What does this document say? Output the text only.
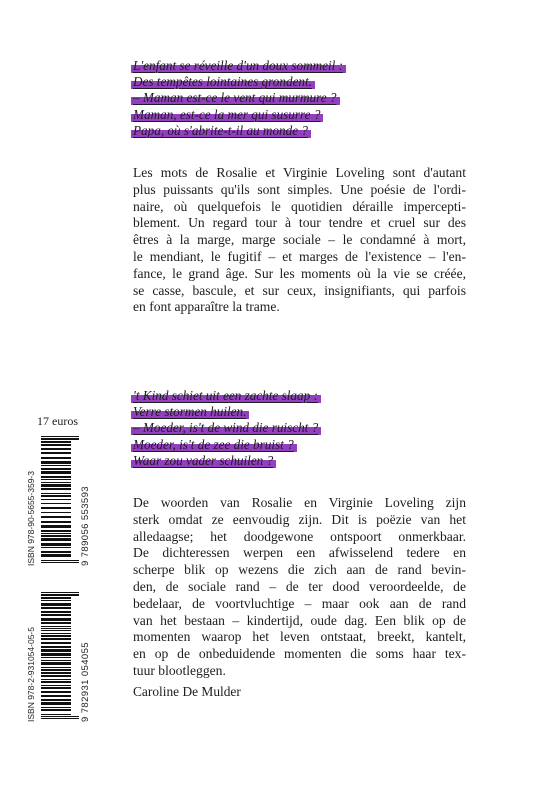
L'enfant se réveille d'un doux sommeil :
Des tempêtes lointaines grondent.
– Maman est-ce le vent qui murmure ?
Maman, est-ce la mer qui susurre ?
Papa, où s'abrite-t-il au monde ?
Les mots de Rosalie et Virginie Loveling sont d'autant
plus puissants qu'ils sont simples. Une poésie de l'ordi-
naire, où quelquefois le quotidien déraille impercepti-
blement. Un regard tour à tour tendre et cruel sur des
êtres à la marge, marge sociale – le condamné à mort,
le mendiant, le fugitif – et marges de l'existence – l'en-
fance, le grand âge. Sur les moments où la vie se créée,
se casse, bascule, et sur ceux, insignifiants, qui parfois
en font apparaître la trame.
't Kind schiet uit een zachte slaap :
Verre stormen huilen.
– Moeder, is't de wind die ruischt ?
Moeder, is't de zee die bruist ?
Waar zou vader schuilen ?
De woorden van Rosalie en Virginie Loveling zijn
sterk omdat ze eenvoudig zijn. Dit is poëzie van het
alledaagse; het doodgewone ontspoort onmerkbaar.
De dichteressen werpen een afwisselend tedere en
scherpe blik op wezens die zich aan de rand bevin-
den, de sociale rand – de ter dood veroordeelde, de
bedelaar, de voortvluchtige – maar ook aan de rand
van het bestaan – kindertijd, oude dag. Een blik op de
momenten waarop het leven ontstaat, breekt, kantelt,
en op de onbeduidende momenten die soms haar tex-
tuur blootleggen.
Caroline De Mulder
17 euros
ISBN 978-90-5655-359-3	9 789056 553593
ISBN 978-2-931054-05-5	9 782931 054055
